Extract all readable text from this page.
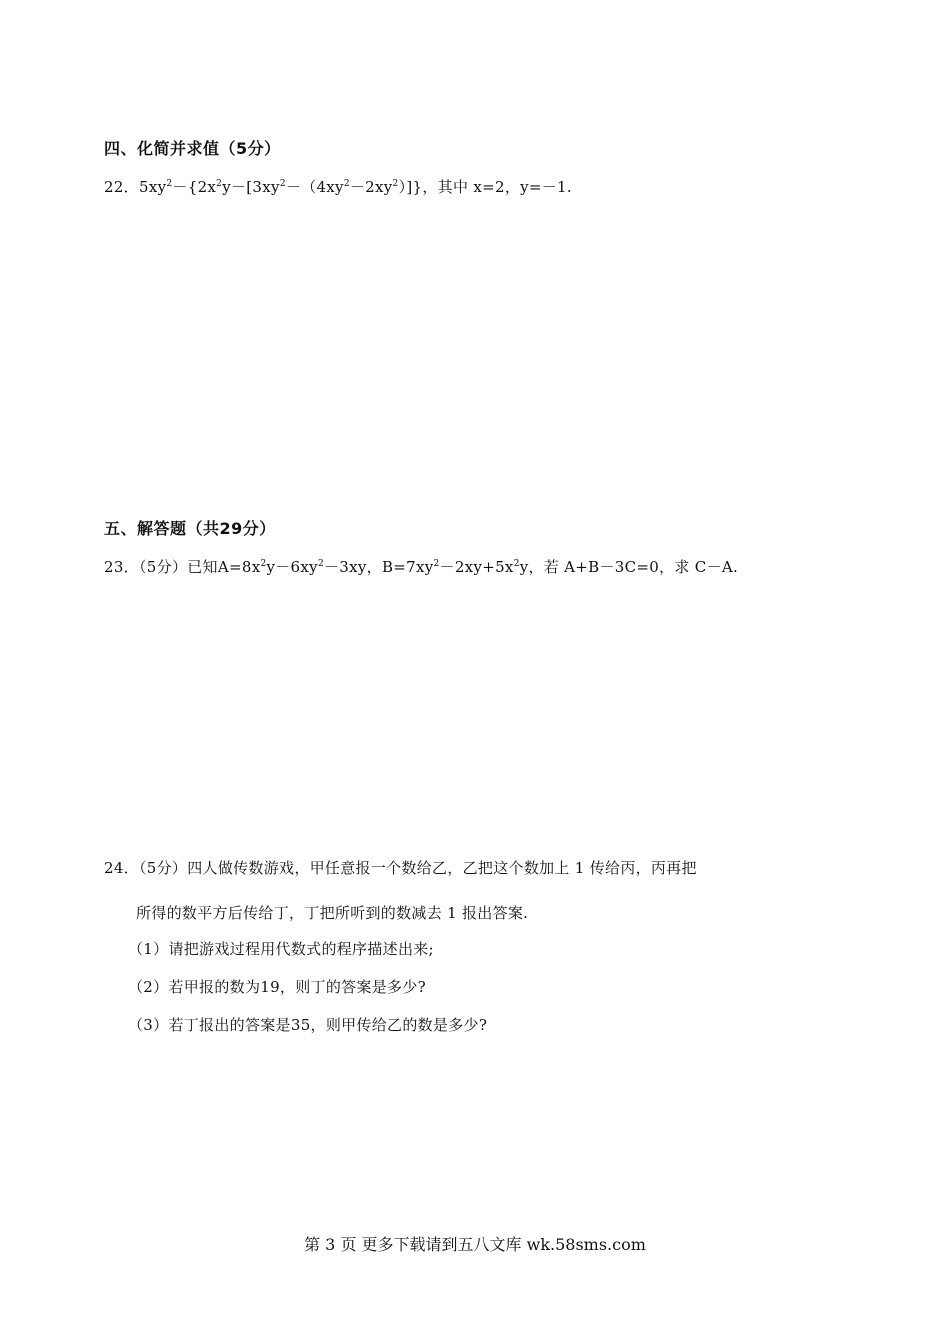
四、化简并求值（5分）
22．$5xy^2-\{2x^2y-[3xy^2-(4xy^2-2xy^2)]\}$，其中 x=2，y=－1.
五、解答题（共29分）
23．（5分）已知$A=8x^2y-6xy^2-3xy$，$B=7xy^2-2xy+5x^2y$，若 A+B－3C=0，求 C－A.
24．（5分）四人做传数游戏，甲任意报一个数给乙，乙把这个数加上 1 传给丙，丙再把
所得的数平方后传给丁，丁把所听到的数减去 1 报出答案.
（1）请把游戏过程用代数式的程序描述出来;
（2）若甲报的数为19，则丁的答案是多少?
（3）若丁报出的答案是35，则甲传给乙的数是多少?
第 3 页 更多下载请到五八文库 wk.58sms.com
